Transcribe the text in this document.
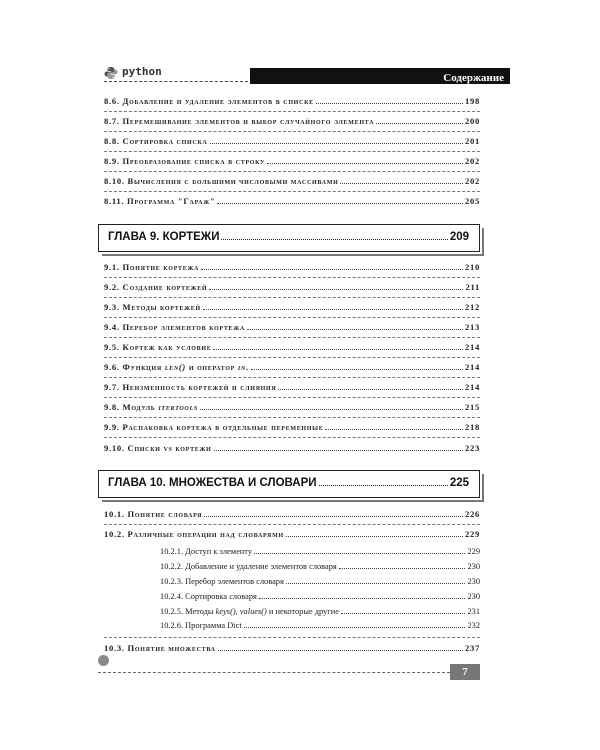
python	Содержание
8.6. Добавление и удаление элементов в списке	198
8.7. Перемешивание элементов и выбор случайного элемента	200
8.8. Сортировка списка	201
8.9. Преобразование списка в строку	202
8.10. Вычисления с большими числовыми массивами	202
8.11. Программа "Гараж"	205
ГЛАВА 9. КОРТЕЖИ	209
9.1. Понятие кортежа	210
9.2. Создание кортежей	211
9.3. Методы кортежей	212
9.4. Перебор элементов кортежа	213
9.5. Кортеж как условие	214
9.6. Функция len() и оператор in.	214
9.7. Неизменность кортежей и слияния	214
9.8. Модуль itertools	215
9.9. Распаковка кортежа в отдельные переменные	218
9.10. Списки vs кортежи	223
ГЛАВА 10. МНОЖЕСТВА И СЛОВАРИ	225
10.1. Понятие словаря	226
10.2. Различные операции над словарями	229
10.2.1. Доступ к элементу	229
10.2.2. Добавление и удаление элементов словаря	230
10.2.3. Перебор элементов словаря	230
10.2.4. Сортировка словаря	230
10.2.5. Методы keys(), values() и некоторые другие	231
10.2.6. Программа Dict	232
10.3. Понятие множества	237
7
